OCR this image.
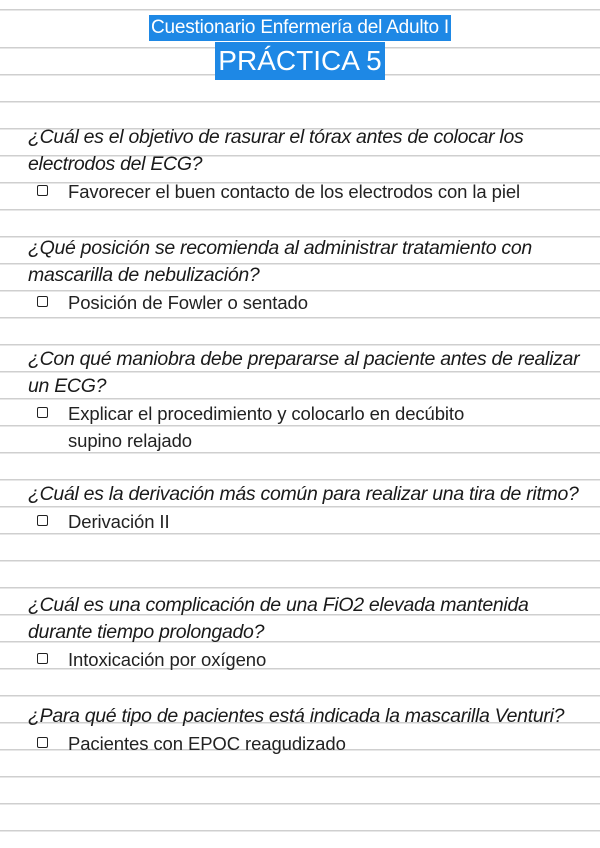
Cuestionario Enfermería del Adulto I
PRÁCTICA 5

¿Cuál es el objetivo de rasurar el tórax antes de colocar los electrodos del ECG?

Favorecer el buen contacto de los electrodos con la piel

¿Qué posición se recomienda al administrar tratamiento con mascarilla de nebulización?

Posición de Fowler o sentado

¿Con qué maniobra debe prepararse al paciente antes de realizar un ECG?

Explicar el procedimiento y colocarlo en decúbito supino relajado

¿Cuál es la derivación más común para realizar una tira de ritmo?

Derivación II

¿Cuál es una complicación de una FiO2 elevada mantenida durante tiempo prolongado?

Intoxicación por oxígeno

¿Para qué tipo de pacientes está indicada la mascarilla Venturi?

Pacientes con EPOC reagudizado
